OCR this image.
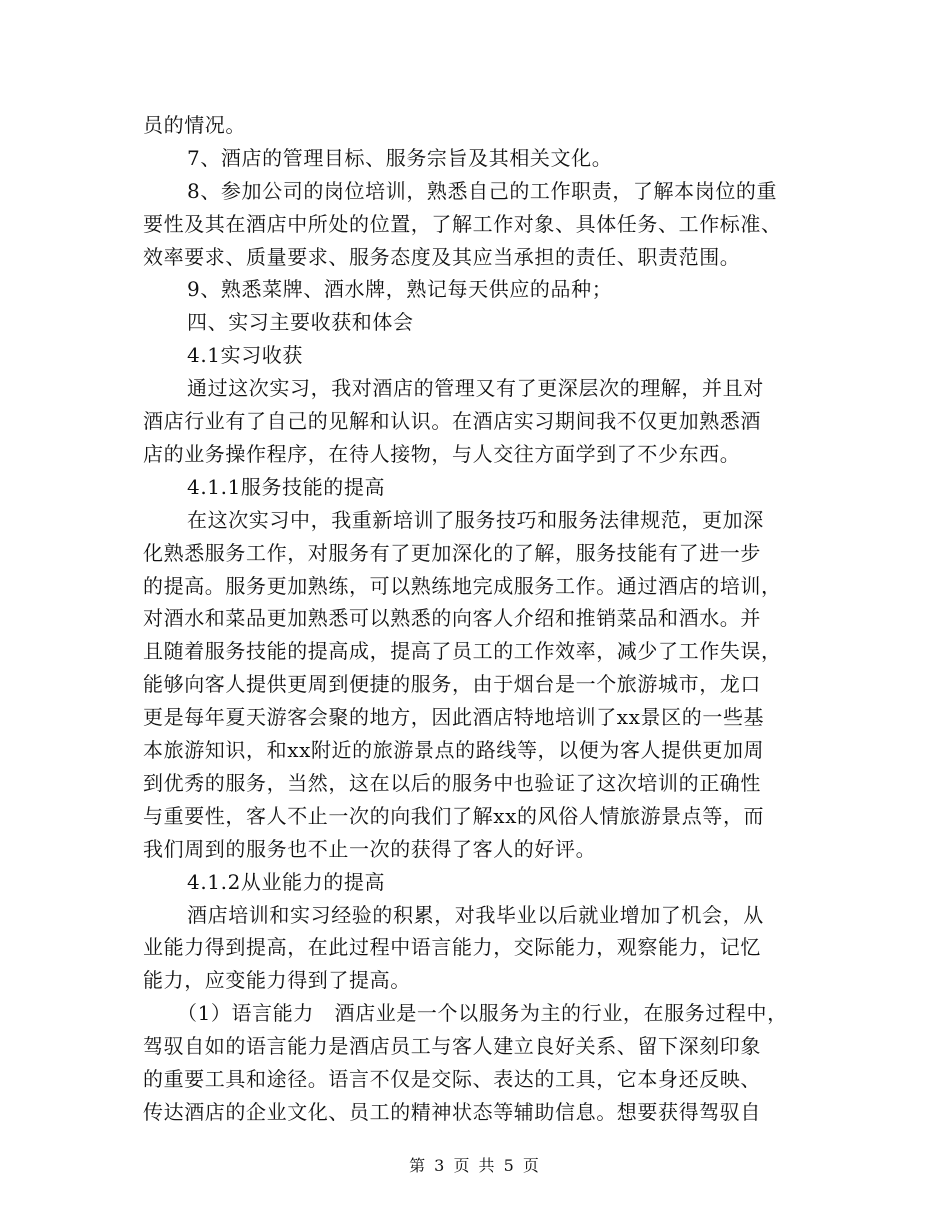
员的情况。
7、酒店的管理目标、服务宗旨及其相关文化。
8、参加公司的岗位培训，熟悉自己的工作职责，了解本岗位的重
要性及其在酒店中所处的位置，了解工作对象、具体任务、工作标准、
效率要求、质量要求、服务态度及其应当承担的责任、职责范围。
9、熟悉菜牌、酒水牌，熟记每天供应的品种；
四、实习主要收获和体会
4.1实习收获
通过这次实习，我对酒店的管理又有了更深层次的理解，并且对
酒店行业有了自己的见解和认识。在酒店实习期间我不仅更加熟悉酒
店的业务操作程序，在待人接物，与人交往方面学到了不少东西。
4.1.1服务技能的提高
在这次实习中，我重新培训了服务技巧和服务法律规范，更加深
化熟悉服务工作，对服务有了更加深化的了解，服务技能有了进一步
的提高。服务更加熟练，可以熟练地完成服务工作。通过酒店的培训，
对酒水和菜品更加熟悉可以熟悉的向客人介绍和推销菜品和酒水。并
且随着服务技能的提高成，提高了员工的工作效率，减少了工作失误，
能够向客人提供更周到便捷的服务，由于烟台是一个旅游城市，龙口
更是每年夏天游客会聚的地方，因此酒店特地培训了xx景区的一些基
本旅游知识，和xx附近的旅游景点的路线等，以便为客人提供更加周
到优秀的服务，当然，这在以后的服务中也验证了这次培训的正确性
与重要性，客人不止一次的向我们了解xx的风俗人情旅游景点等，而
我们周到的服务也不止一次的获得了客人的好评。
4.1.2从业能力的提高
酒店培训和实习经验的积累，对我毕业以后就业增加了机会，从
业能力得到提高，在此过程中语言能力，交际能力，观察能力，记忆
能力，应变能力得到了提高。
（1）语言能力　酒店业是一个以服务为主的行业，在服务过程中，
驾驭自如的语言能力是酒店员工与客人建立良好关系、留下深刻印象
的重要工具和途径。语言不仅是交际、表达的工具，它本身还反映、
传达酒店的企业文化、员工的精神状态等辅助信息。想要获得驾驭自
第 3 页 共 5 页
